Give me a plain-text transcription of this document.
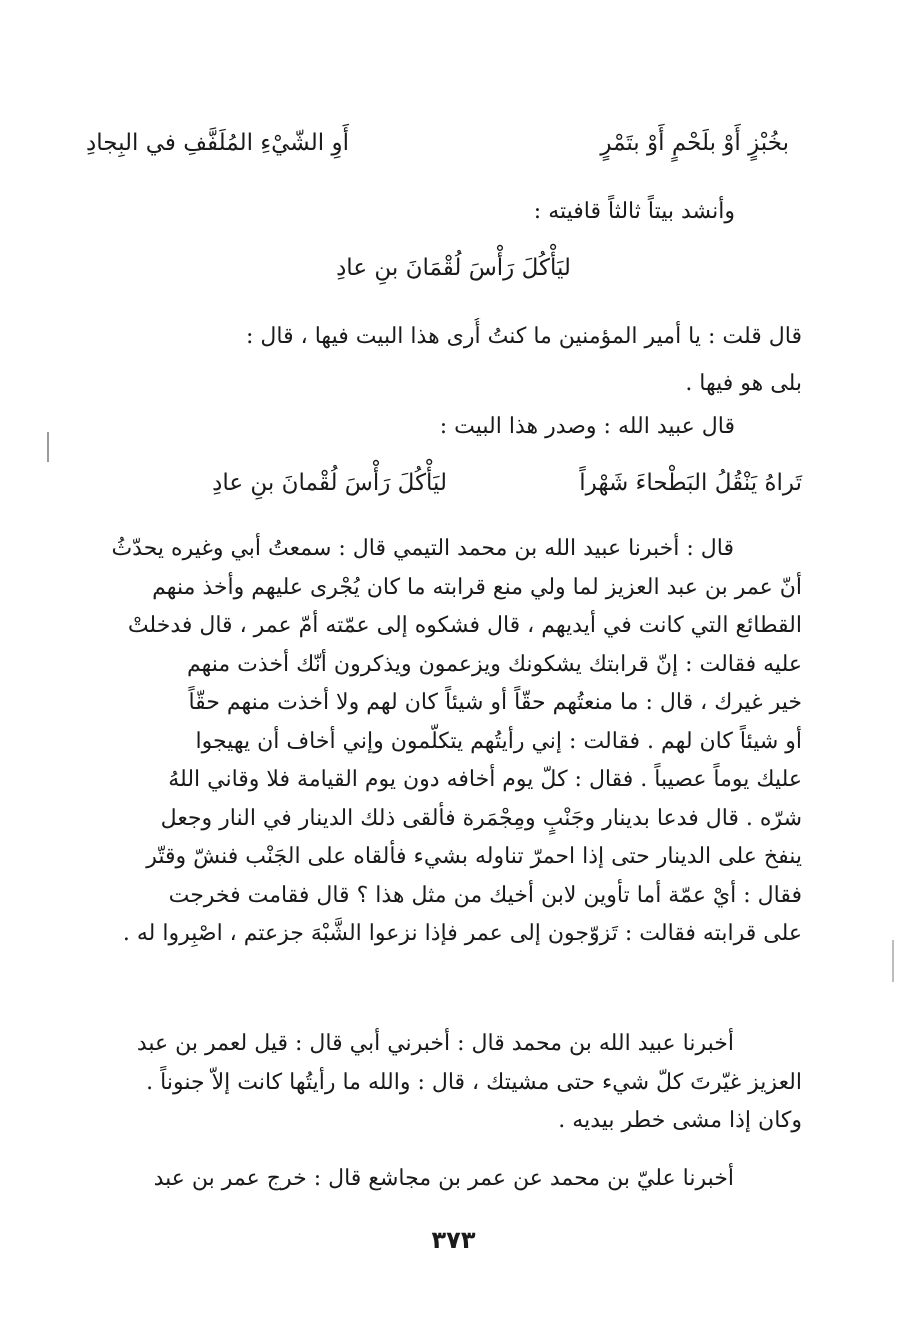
بخُبْزٍ أَوْ بلَحْمٍ أَوْ بتَمْرٍ
أَوِ الشّيْءِ المُلَفَّفِ في البِجادِ
وأنشد بيتاً ثالثاً قافيته :
ليَأْكُلَ رَأْسَ لُقْمَانَ بنِ عادِ
قال قلت : يا أمير المؤمنين ما كنتُ أُرى هذا البيت فيها ، قال :
بلى هو فيها .
قال عبيد الله : وصدر هذا البيت :
تَراهُ يَنْقُلُ البَطْحاءَ شَهْراً
ليَأْكُلَ رَأْسَ لُقْمانَ بنِ عادِ
قال : أخبرنا عبيد الله بن محمد التيمي قال : سمعتُ أبي وغيره يحدّثُ
أنّ عمر بن عبد العزيز لما ولي منع قرابته ما كان يُجْرى عليهم وأخذ منهم
القطائع التي كانت في أيديهم ، قال فشكوه إلى عمّته أمّ عمر ، قال فدخلتْ
عليه فقالت : إنّ قرابتك يشكونك ويزعمون ويذكرون أنّك أخذت منهم
خير غيرك ، قال : ما منعتُهم حقّاً أو شيئاً كان لهم ولا أخذت منهم حقّاً
أو شيئاً كان لهم . فقالت : إني رأيتُهم يتكلّمون وإني أخاف أن يهيجوا
عليك يوماً عصيباً . فقال : كلّ يوم أخافه دون يوم القيامة فلا وقاني اللهُ
شرّه . قال فدعا بدينار وجَنْبٍ ومِجْمَرة فألقى ذلك الدينار في النار وجعل
ينفخ على الدينار حتى إذا احمرّ تناوله بشيء فألقاه على الجَنْب فنشّ وقتّر
فقال : أيْ عمّة أما تأوين لابن أخيك من مثل هذا ؟ قال فقامت فخرجت
على قرابته فقالت : تَزوّجون إلى عمر فإذا نزعوا الشَّبْهَ جزعتم ، اصْبِروا له .
أخبرنا عبيد الله بن محمد قال : أخبرني أبي قال : قيل لعمر بن عبد
العزيز غيّرتَ كلّ شيء حتى مشيتك ، قال : والله ما رأيتُها كانت إلاّ جنوناً .
وكان إذا مشى خطر بيديه .
أخبرنا عليّ بن محمد عن عمر بن مجاشع قال : خرج عمر بن عبد
٣٧٣
